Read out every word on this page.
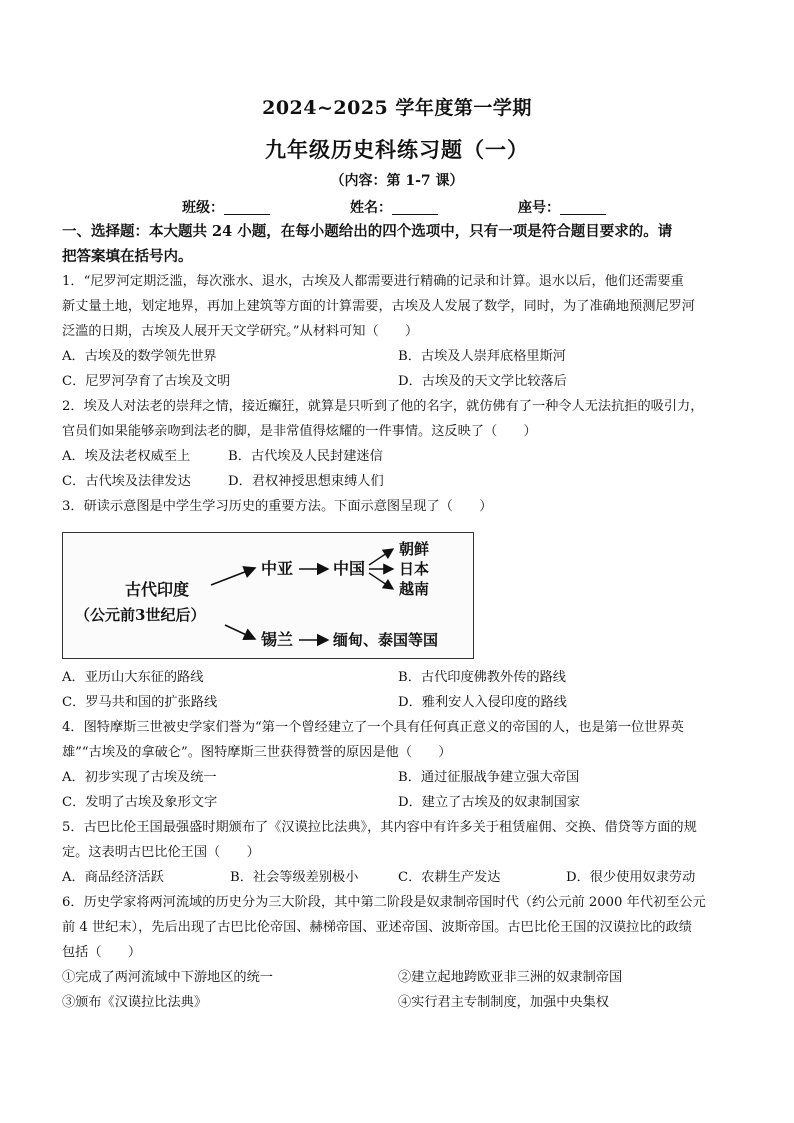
2024~2025 学年度第一学期
九年级历史科练习题（一）
（内容：第 1-7 课）
班级：	姓名：	座号：
一、选择题：本大题共 24 小题，在每小题给出的四个选项中，只有一项是符合题目要求的。请
把答案填在括号内。
1．“尼罗河定期泛滥，每次涨水、退水，古埃及人都需要进行精确的记录和计算。退水以后，他们还需要重
新丈量土地，划定地界，再加上建筑等方面的计算需要，古埃及人发展了数学，同时，为了准确地预测尼罗河
泛滥的日期，古埃及人展开天文学研究。”从材料可知（　　）
A．古埃及的数学领先世界	B．古埃及人崇拜底格里斯河
C．尼罗河孕育了古埃及文明	D．古埃及的天文学比较落后
2．埃及人对法老的崇拜之情，接近癫狂，就算是只听到了他的名字，就仿佛有了一种令人无法抗拒的吸引力，
官员们如果能够亲吻到法老的脚，是非常值得炫耀的一件事情。这反映了（　　）
A．埃及法老权威至上	B．古代埃及人民封建迷信
C．古代埃及法律发达	D．君权神授思想束缚人们
3．研读示意图是中学生学习历史的重要方法。下面示意图呈现了（　　）
古代印度
（公元前3世纪后）
中亚 中国
朝鲜
日本
越南
锡兰	缅甸、泰国等国
A．亚历山大东征的路线	B．古代印度佛教外传的路线
C．罗马共和国的扩张路线	D．雅利安人入侵印度的路线
4．图特摩斯三世被史学家们誉为“第一个曾经建立了一个具有任何真正意义的帝国的人，也是第一位世界英
雄”“古埃及的拿破仑”。图特摩斯三世获得赞誉的原因是他（　　）
A．初步实现了古埃及统一	B．通过征服战争建立强大帝国
C．发明了古埃及象形文字	D．建立了古埃及的奴隶制国家
5．古巴比伦王国最强盛时期颁布了《汉谟拉比法典》，其内容中有许多关于租赁雇佣、交换、借贷等方面的规
定。这表明古巴比伦王国（　　）
A．商品经济活跃	B．社会等级差别极小	C．农耕生产发达	D．很少使用奴隶劳动
6．历史学家将两河流域的历史分为三大阶段，其中第二阶段是奴隶制帝国时代（约公元前 2000 年代初至公元
前 4 世纪末），先后出现了古巴比伦帝国、赫梯帝国、亚述帝国、波斯帝国。古巴比伦王国的汉谟拉比的政绩
包括（　　）
①完成了两河流域中下游地区的统一	②建立起地跨欧亚非三洲的奴隶制帝国
③颁布《汉谟拉比法典》	④实行君主专制制度，加强中央集权
